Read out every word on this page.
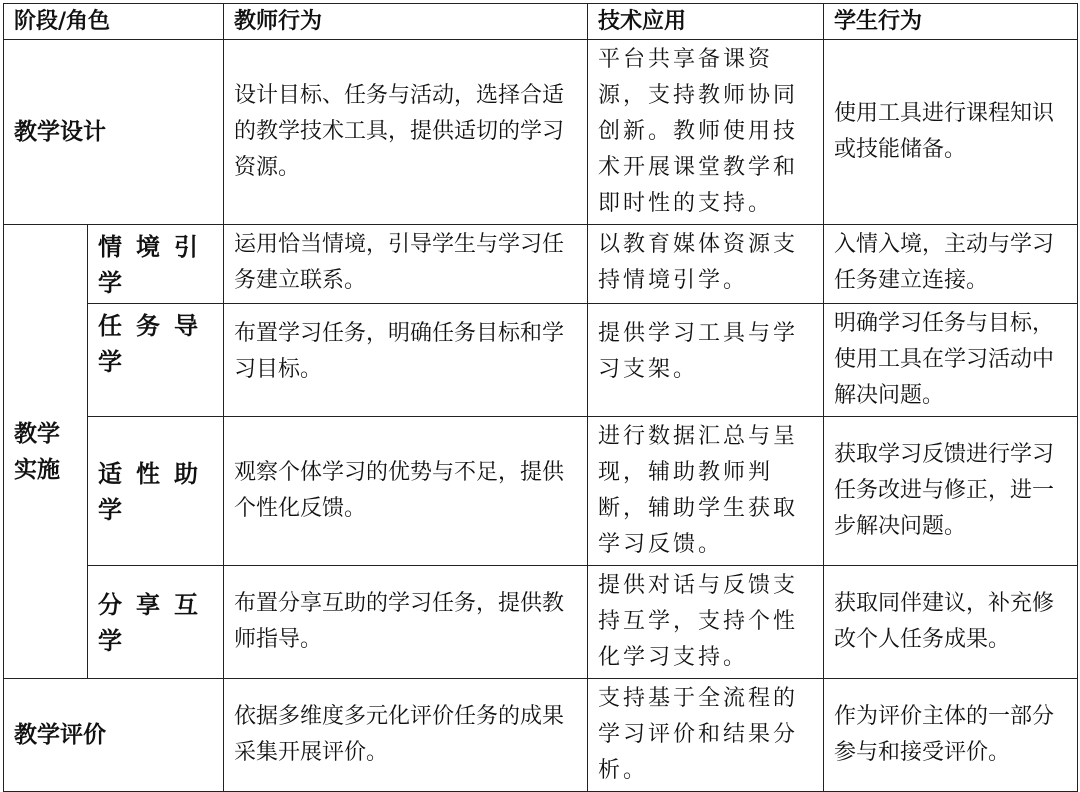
阶段/角色		教师行为	技术应用	学生行为
教学设计		设计目标、任务与活动，选择合适的教学技术工具，提供适切的学习资源。	平台共享备课资源，支持教师协同创新。教师使用技术开展课堂教学和即时性的支持。	使用工具进行课程知识或技能储备。
教学实施	情境引学	运用恰当情境，引导学生与学习任务建立联系。	以教育媒体资源支持情境引学。	入情入境，主动与学习任务建立连接。
	任务导学	布置学习任务，明确任务目标和学习目标。	提供学习工具与学习支架。	明确学习任务与目标，使用工具在学习活动中解决问题。
	适性助学	观察个体学习的优势与不足，提供个性化反馈。	进行数据汇总与呈现，辅助教师判断，辅助学生获取学习反馈。	获取学习反馈进行学习任务改进与修正，进一步解决问题。
	分享互学	布置分享互助的学习任务，提供教师指导。	提供对话与反馈支持互学，支持个性化学习支持。	获取同伴建议，补充修改个人任务成果。
教学评价		依据多维度多元化评价任务的成果采集开展评价。	支持基于全流程的学习评价和结果分析。	作为评价主体的一部分参与和接受评价。
